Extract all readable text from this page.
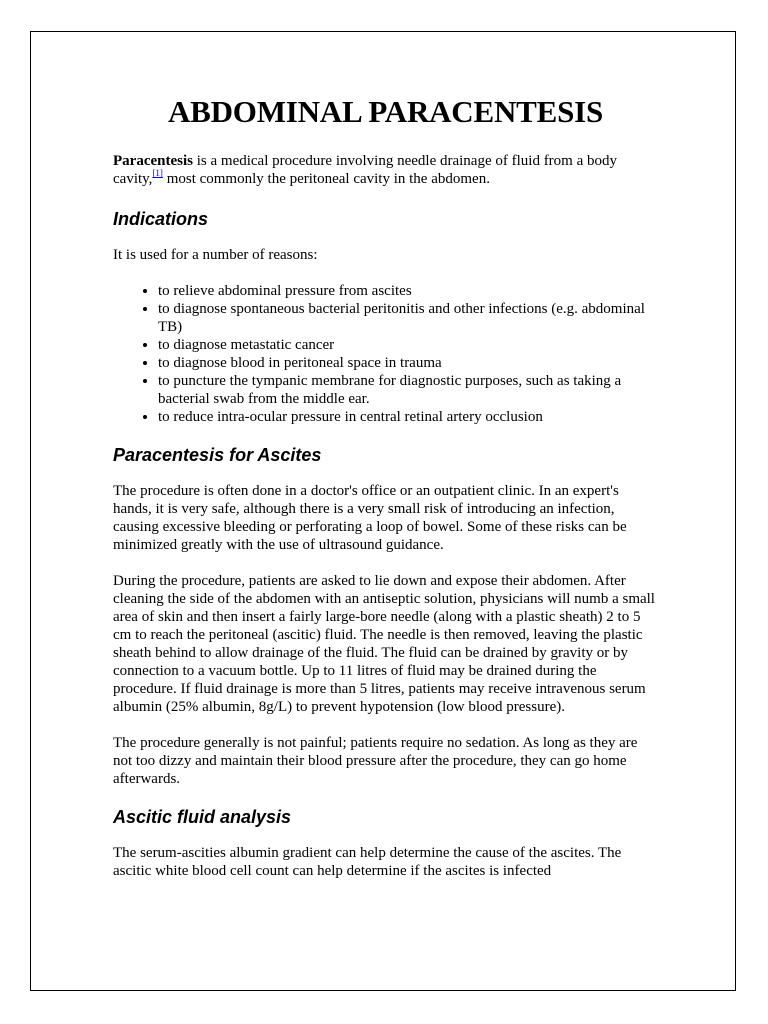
ABDOMINAL PARACENTESIS

Paracentesis is a medical procedure involving needle drainage of fluid from a body cavity,[1] most commonly the peritoneal cavity in the abdomen.

Indications

It is used for a number of reasons:

• to relieve abdominal pressure from ascites
• to diagnose spontaneous bacterial peritonitis and other infections (e.g. abdominal TB)
• to diagnose metastatic cancer
• to diagnose blood in peritoneal space in trauma
• to puncture the tympanic membrane for diagnostic purposes, such as taking a bacterial swab from the middle ear.
• to reduce intra-ocular pressure in central retinal artery occlusion
Paracentesis for Ascites

The procedure is often done in a doctor's office or an outpatient clinic. In an expert's hands, it is very safe, although there is a very small risk of introducing an infection, causing excessive bleeding or perforating a loop of bowel. Some of these risks can be minimized greatly with the use of ultrasound guidance.

During the procedure, patients are asked to lie down and expose their abdomen. After cleaning the side of the abdomen with an antiseptic solution, physicians will numb a small area of skin and then insert a fairly large-bore needle (along with a plastic sheath) 2 to 5 cm to reach the peritoneal (ascitic) fluid. The needle is then removed, leaving the plastic sheath behind to allow drainage of the fluid. The fluid can be drained by gravity or by connection to a vacuum bottle. Up to 11 litres of fluid may be drained during the procedure. If fluid drainage is more than 5 litres, patients may receive intravenous serum albumin (25% albumin, 8g/L) to prevent hypotension (low blood pressure).

The procedure generally is not painful; patients require no sedation. As long as they are not too dizzy and maintain their blood pressure after the procedure, they can go home afterwards.

Ascitic fluid analysis

The serum-ascities albumin gradient can help determine the cause of the ascites. The ascitic white blood cell count can help determine if the ascites is infected
